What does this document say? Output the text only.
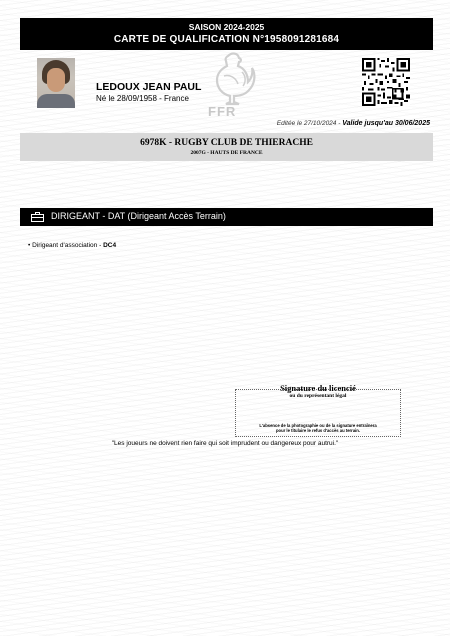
SAISON 2024-2025
CARTE DE QUALIFICATION N°1958091281684
LEDOUX JEAN PAUL
Né le 28/09/1958 - France
FFR
Editée le 27/10/2024 - Valide jusqu'au 30/06/2025
6978K - RUGBY CLUB DE THIERACHE
2007G - HAUTS DE FRANCE
DIRIGEANT - DAT (Dirigeant Accès Terrain)
• Dirigeant d'association - DC4
Signature du licencié
ou du représentant légal
L'absence de la photographie ou de la signature entraînera
pour le titulaire le refus d'accès au terrain.
"Les joueurs ne doivent rien faire qui soit imprudent ou dangereux pour autrui."
